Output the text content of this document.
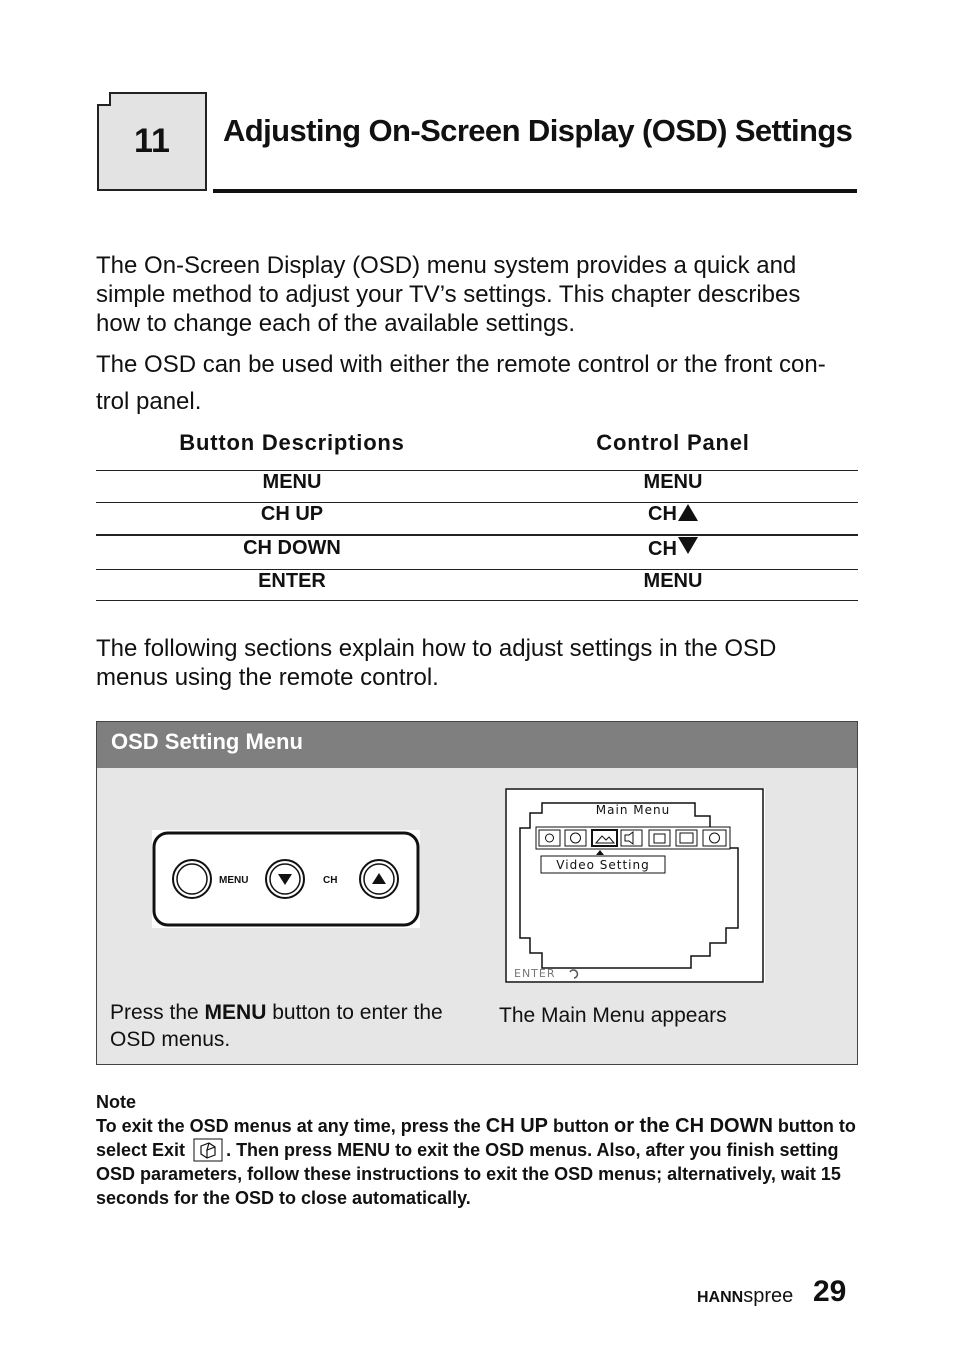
11	Adjusting On-Screen Display (OSD) Settings
The On-Screen Display (OSD) menu system provides a quick and simple method to adjust your TV’s settings. This chapter describes how to change each of the available settings.
The OSD can be used with either the remote control or the front con-trol panel.
Button Descriptions	Control Panel
MENU	MENU
CH UP	CH
CH DOWN	CH
ENTER	MENU
The following sections explain how to adjust settings in the OSD menus using the remote control.
OSD Setting Menu
MENU	CH
Main Menu
Video Setting
ENTER
Press the MENU button to enter the OSD menus.
The Main Menu appears
Note
To exit the OSD menus at any time, press the CH UP button or the CH DOWN button to select Exit . Then press MENU to exit the OSD menus. Also, after you finish setting OSD parameters, follow these instructions to exit the OSD menus; alternatively, wait 15 seconds for the OSD to close automatically.
HANNspree 29
